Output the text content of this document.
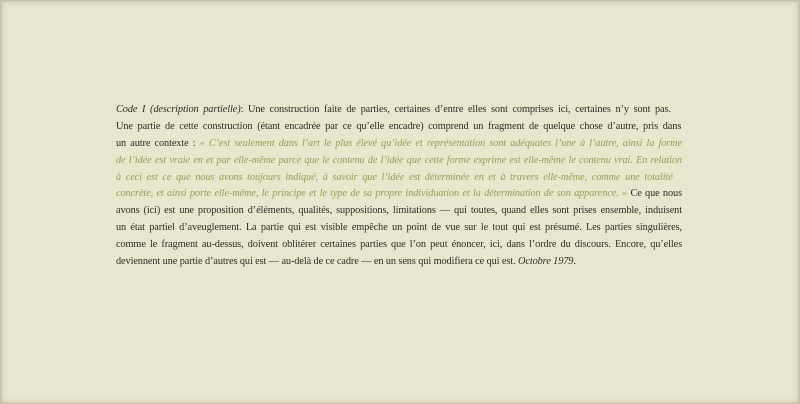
Code I (description partielle): Une construction faite de parties, certaines d’entre elles sont comprises ici, certaines n’y sont pas.
Une partie de cette construction (étant encadrée par ce qu’elle encadre) comprend un fragment de quelque chose d’autre, pris dans
un autre contexte : « C’est seulement dans l’art le plus élevé qu’idée et représentation sont adéquates l’une à l’autre, ainsi la forme
de l’idée est vraie en et par elle-même parce que le contenu de l’idée que cette forme exprime est elle-même le contenu vrai. En relation
à ceci est ce que nous avons toujours indiqué, à savoir que l’idée est déterminée en et à travers elle-même, comme une totalité
concrète, et ainsi porte elle-même, le principe et le type de sa propre individuation et la détermination de son apparence. » Ce que nous
avons (ici) est une proposition d’éléments, qualités, suppositions, limitations — qui toutes, quand elles sont prises ensemble, induisent
un état partiel d’aveuglement. La partie qui est visible empêche un point de vue sur le tout qui est présumé. Les parties singulières,
comme le fragment au-dessus, doivent oblitérer certaines parties que l’on peut énoncer, ici, dans l’ordre du discours. Encore, qu’elles
deviennent une partie d’autres qui est — au-delà de ce cadre — en un sens qui modifiera ce qui est. Octobre 1979.
